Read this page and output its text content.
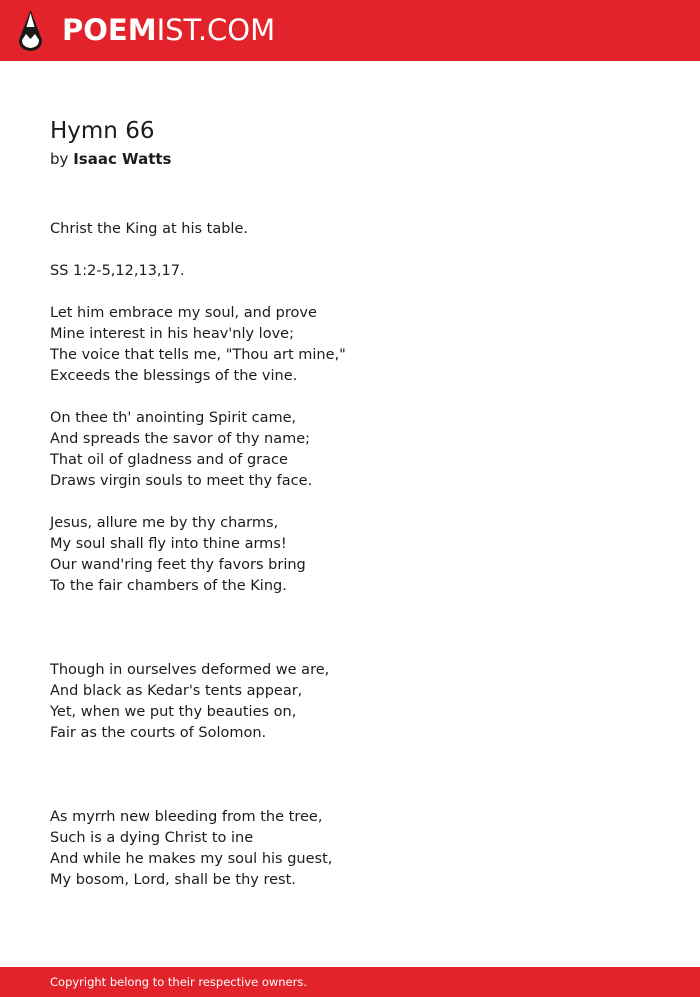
POEMIST.COM
Hymn 66
by Isaac Watts
Christ the King at his table.
SS 1:2-5,12,13,17.
Let him embrace my soul, and prove
Mine interest in his heav'nly love;
The voice that tells me, "Thou art mine,"
Exceeds the blessings of the vine.
On thee th' anointing Spirit came,
And spreads the savor of thy name;
That oil of gladness and of grace
Draws virgin souls to meet thy face.
Jesus, allure me by thy charms,
My soul shall fly into thine arms!
Our wand'ring feet thy favors bring
To the fair chambers of the King.
Though in ourselves deformed we are,
And black as Kedar's tents appear,
Yet, when we put thy beauties on,
Fair as the courts of Solomon.
As myrrh new bleeding from the tree,
Such is a dying Christ to ine
And while he makes my soul his guest,
My bosom, Lord, shall be thy rest.
Copyright belong to their respective owners.
